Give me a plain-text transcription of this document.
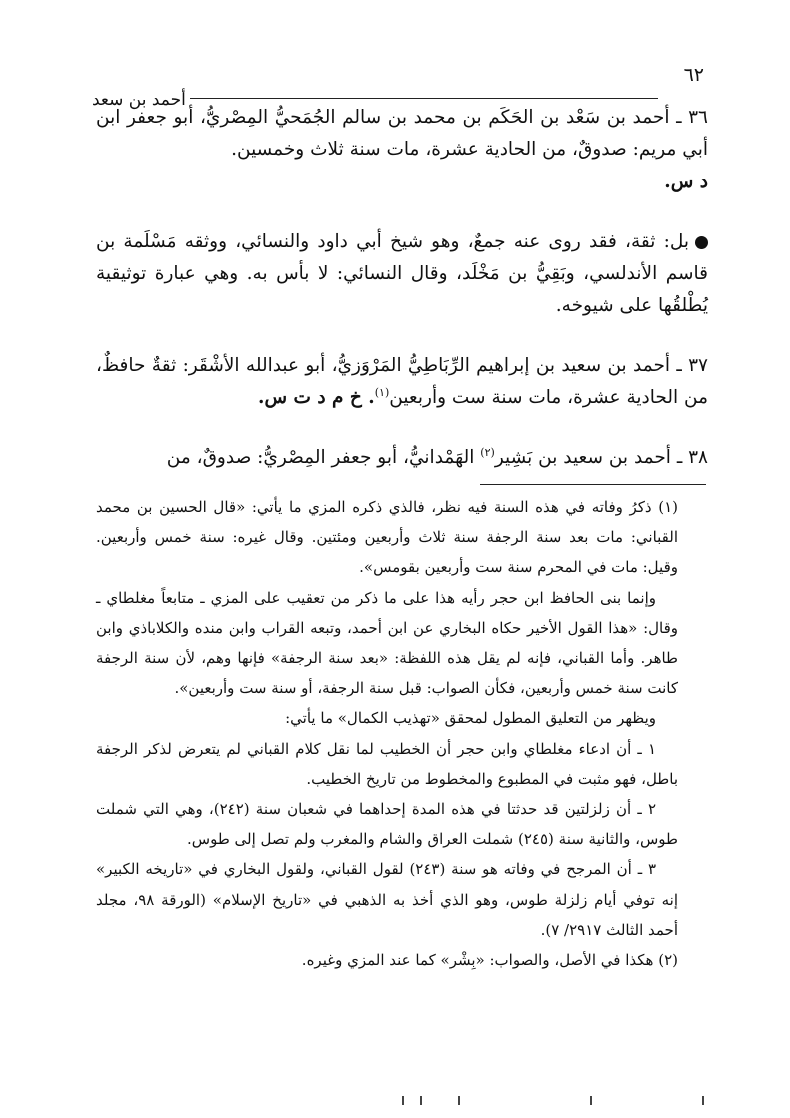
٦٢
أحمد بن سعد

٣٦ ـ أحمد بن سَعْد بن الحَكَم بن محمد بن سالم الجُمَحيُّ المِصْريُّ، أبو جعفر ابن أبي مريم: صدوقٌ، من الحادية عشرة، مات سنة ثلاث وخمسين.
د س.

بل: ثقة، فقد روى عنه جمعٌ، وهو شيخ أبي داود والنسائي، ووثقه مَسْلَمة بن قاسم الأندلسي، وبَقِيُّ بن مَخْلَد، وقال النسائي: لا بأس به. وهي عبارة توثيقية يُطْلقُها على شيوخه.

٣٧ ـ أحمد بن سعيد بن إبراهيم الرِّبَاطِيُّ المَرْوَزيُّ، أبو عبدالله الأشْقَر: ثقةٌ حافظٌ، من الحادية عشرة، مات سنة ست وأربعين$^{(١)}$. خ م د ت س.

٣٨ ـ أحمد بن سعيد بن بَشِير$^{(٢)}$ الهَمْدانيُّ، أبو جعفر المِصْريُّ: صدوقٌ، من

(١) ذكرُ وفاته في هذه السنة فيه نظر، فالذي ذكره المزي ما يأتي: «قال الحسين بن محمد القباني: مات بعد سنة الرجفة سنة ثلاث وأربعين ومئتين. وقال غيره: سنة خمس وأربعين. وقيل: مات في المحرم سنة ست وأربعين بقومس».

وإنما بنى الحافظ ابن حجر رأيه هذا على ما ذكر من تعقيب على المزي ـ متابعاً مغلطاي ـ وقال: «هذا القول الأخير حكاه البخاري عن ابن أحمد، وتبعه القراب وابن منده والكلاباذي وابن طاهر. وأما القباني، فإنه لم يقل هذه اللفظة: «بعد سنة الرجفة» فإنها وهم، لأن سنة الرجفة كانت سنة خمس وأربعين، فكأن الصواب: قبل سنة الرجفة، أو سنة ست وأربعين».

ويظهر من التعليق المطول لمحقق «تهذيب الكمال» ما يأتي:

١ ـ أن ادعاء مغلطاي وابن حجر أن الخطيب لما نقل كلام القباني لم يتعرض لذكر الرجفة باطل، فهو مثبت في المطبوع والمخطوط من تاريخ الخطيب.

٢ ـ أن زلزلتين قد حدثتا في هذه المدة إحداهما في شعبان سنة (٢٤٢)، وهي التي شملت طوس، والثانية سنة (٢٤٥) شملت العراق والشام والمغرب ولم تصل إلى طوس.

٣ ـ أن المرجح في وفاته هو سنة (٢٤٣) لقول القباني، ولقول البخاري في «تاريخه الكبير» إنه توفي أيام زلزلة طوس، وهو الذي أخذ به الذهبي في «تاريخ الإسلام» (الورقة ٩٨، مجلد أحمد الثالث ٢٩١٧/ ٧).

(٢) هكذا في الأصل، والصواب: «بِشْر» كما عند المزي وغيره.
